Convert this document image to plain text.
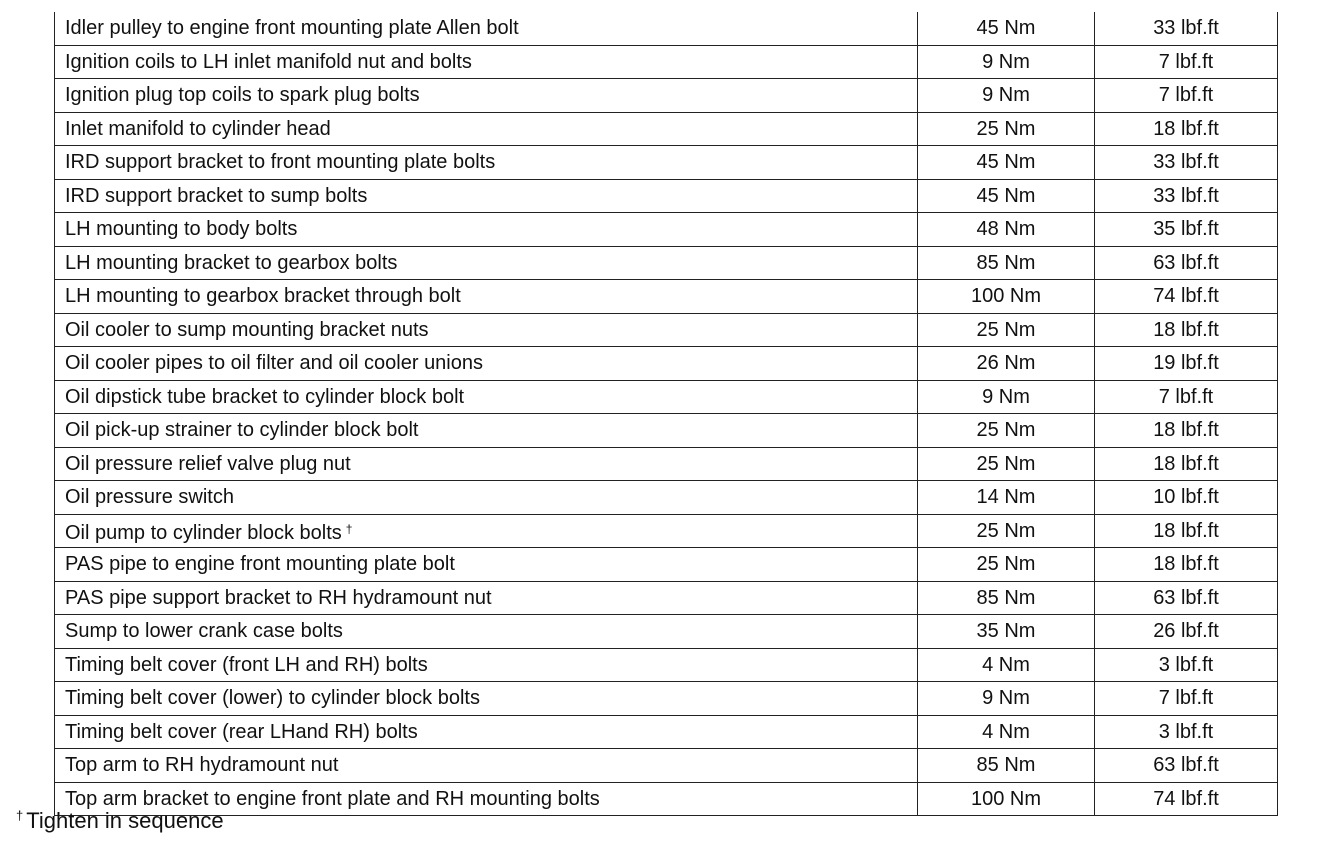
Idler pulley to engine front mounting plate Allen bolt	45 Nm	33 lbf.ft
Ignition coils to LH inlet manifold nut and bolts	9 Nm	7 lbf.ft
Ignition plug top coils to spark plug bolts	9 Nm	7 lbf.ft
Inlet manifold to cylinder head	25 Nm	18 lbf.ft
IRD support bracket to front mounting plate bolts	45 Nm	33 lbf.ft
IRD support bracket to sump bolts	45 Nm	33 lbf.ft
LH mounting to body bolts	48 Nm	35 lbf.ft
LH mounting bracket to gearbox bolts	85 Nm	63 lbf.ft
LH mounting to gearbox bracket through bolt	100 Nm	74 lbf.ft
Oil cooler to sump mounting bracket nuts	25 Nm	18 lbf.ft
Oil cooler pipes to oil filter and oil cooler unions	26 Nm	19 lbf.ft
Oil dipstick tube bracket to cylinder block bolt	9 Nm	7 lbf.ft
Oil pick-up strainer to cylinder block bolt	25 Nm	18 lbf.ft
Oil pressure relief valve plug nut	25 Nm	18 lbf.ft
Oil pressure switch	14 Nm	10 lbf.ft
Oil pump to cylinder block bolts †	25 Nm	18 lbf.ft
PAS pipe to engine front mounting plate bolt	25 Nm	18 lbf.ft
PAS pipe support bracket to RH hydramount nut	85 Nm	63 lbf.ft
Sump to lower crank case bolts	35 Nm	26 lbf.ft
Timing belt cover (front LH and RH) bolts	4 Nm	3 lbf.ft
Timing belt cover (lower) to cylinder block bolts	9 Nm	7 lbf.ft
Timing belt cover (rear LHand RH) bolts	4 Nm	3 lbf.ft
Top arm to RH hydramount nut	85 Nm	63 lbf.ft
Top arm bracket to engine front plate and RH mounting bolts	100 Nm	74 lbf.ft
† Tighten in sequence
